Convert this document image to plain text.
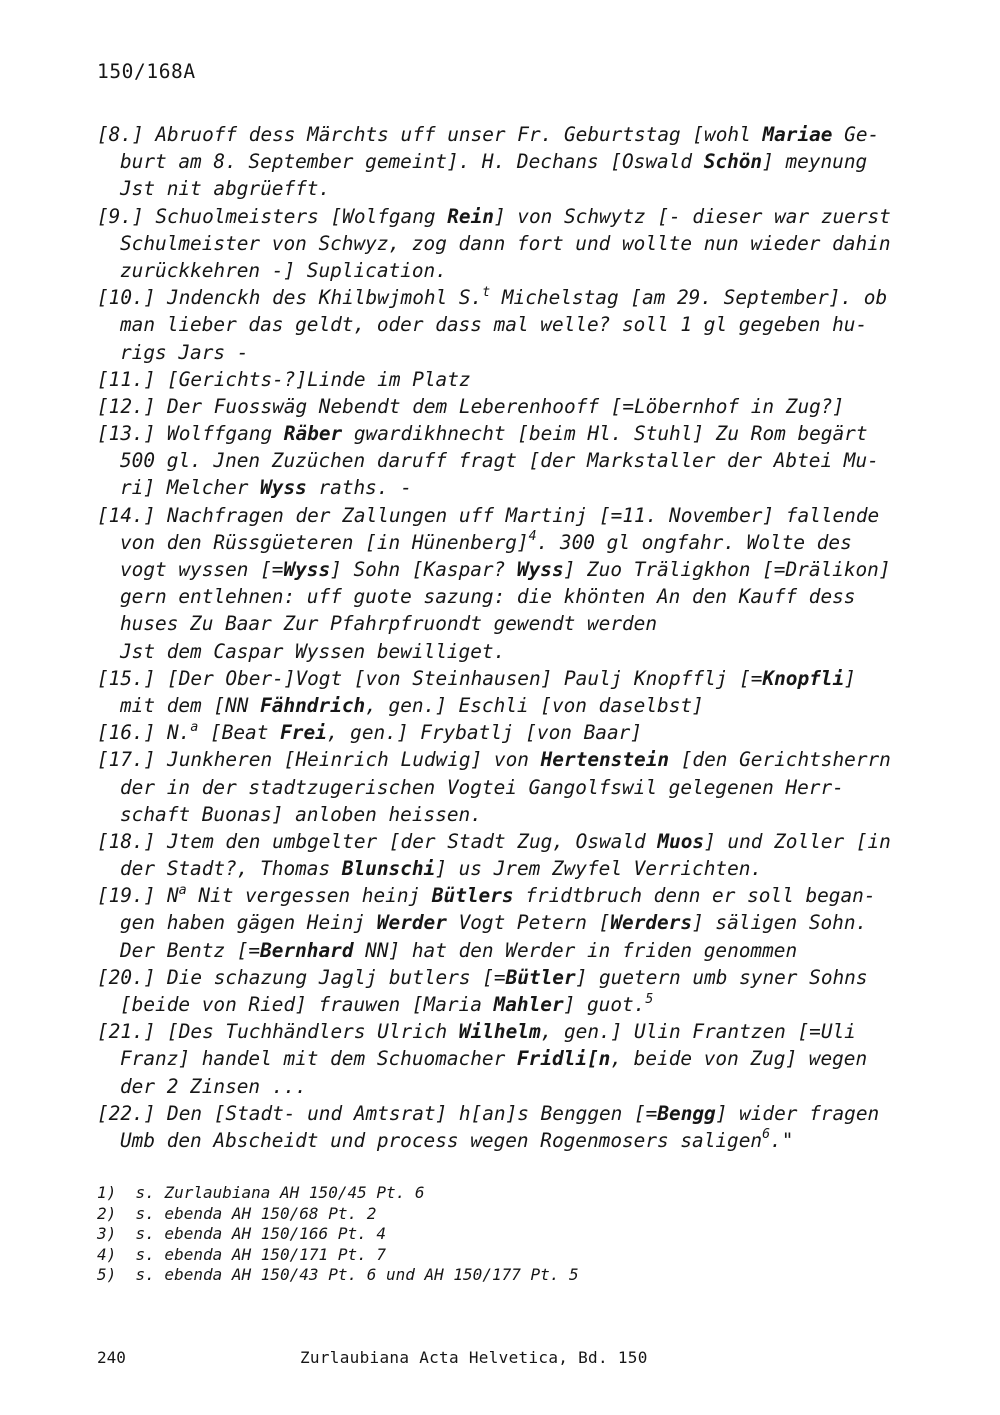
150/168A
[8.] Abruoff dess Märchts uff unser Fr. Geburtstag [wohl Mariae Ge-
burt am 8. September gemeint]. H. Dechans [Oswald Schön] meynung
Jst nit abgrüefft.
[9.] Schuolmeisters [Wolfgang Rein] von Schwytz [- dieser war zuerst
Schulmeister von Schwyz, zog dann fort und wollte nun wieder dahin
zurückkehren -] Suplication.
[10.] Jndenckh des Khilbwjmohl S.$^t$ Michelstag [am 29. September]. ob
man lieber das geldt, oder dass mal welle? soll 1 gl gegeben hu-
rigs Jars -
[11.] [Gerichts-?]Linde im Platz
[12.] Der Fuosswäg Nebendt dem Leberenhooff [=Löbernhof in Zug?]
[13.] Wolffgang Räber gwardikhnecht [beim Hl. Stuhl] Zu Rom begärt
500 gl. Jnen Zuzüchen daruff fragt [der Markstaller der Abtei Mu-
ri] Melcher Wyss raths. -
[14.] Nachfragen der Zallungen uff Martinj [=11. November] fallende
von den Rüssgüeteren [in Hünenberg]$^4$. 300 gl ongfahr. Wolte des
vogt wyssen [=Wyss] Sohn [Kaspar? Wyss] Zuo Träligkhon [=Drälikon]
gern entlehnen: uff guote sazung: die khönten An den Kauff dess
huses Zu Baar Zur Pfahrpfruondt gewendt werden
Jst dem Caspar Wyssen bewilliget.
[15.] [Der Ober-]Vogt [von Steinhausen] Paulj Knopfflj [=Knopfli]
mit dem [NN Fähndrich, gen.] Eschli [von daselbst]
[16.] N.$^a$ [Beat Frei, gen.] Frybatlj [von Baar]
[17.] Junkheren [Heinrich Ludwig] von Hertenstein [den Gerichtsherrn
der in der stadtzugerischen Vogtei Gangolfswil gelegenen Herr-
schaft Buonas] anloben heissen.
[18.] Jtem den umbgelter [der Stadt Zug, Oswald Muos] und Zoller [in
der Stadt?, Thomas Blunschi] us Jrem Zwyfel Verrichten.
[19.] $N^a$ Nit vergessen heinj Bütlers fridtbruch denn er soll began-
gen haben gägen Heinj Werder Vogt Petern [Werders] säligen Sohn.
Der Bentz [=Bernhard NN] hat den Werder in friden genommen
[20.] Die schazung Jaglj butlers [=Bütler] guetern umb syner Sohns
[beide von Ried] frauwen [Maria Mahler] guot.$^5$
[21.] [Des Tuchhändlers Ulrich Wilhelm, gen.] Ulin Frantzen [=Uli
Franz] handel mit dem Schuomacher Fridli[n, beide von Zug] wegen
der 2 Zinsen ...
[22.] Den [Stadt- und Amtsrat] h[an]s Benggen [=Bengg] wider fragen
Umb den Abscheidt und process wegen Rogenmosers saligen$^6$."
1)  s. Zurlaubiana AH 150/45 Pt. 6
2)  s. ebenda AH 150/68 Pt. 2
3)  s. ebenda AH 150/166 Pt. 4
4)  s. ebenda AH 150/171 Pt. 7
5)  s. ebenda AH 150/43 Pt. 6 und AH 150/177 Pt. 5
240	Zurlaubiana Acta Helvetica, Bd. 150
